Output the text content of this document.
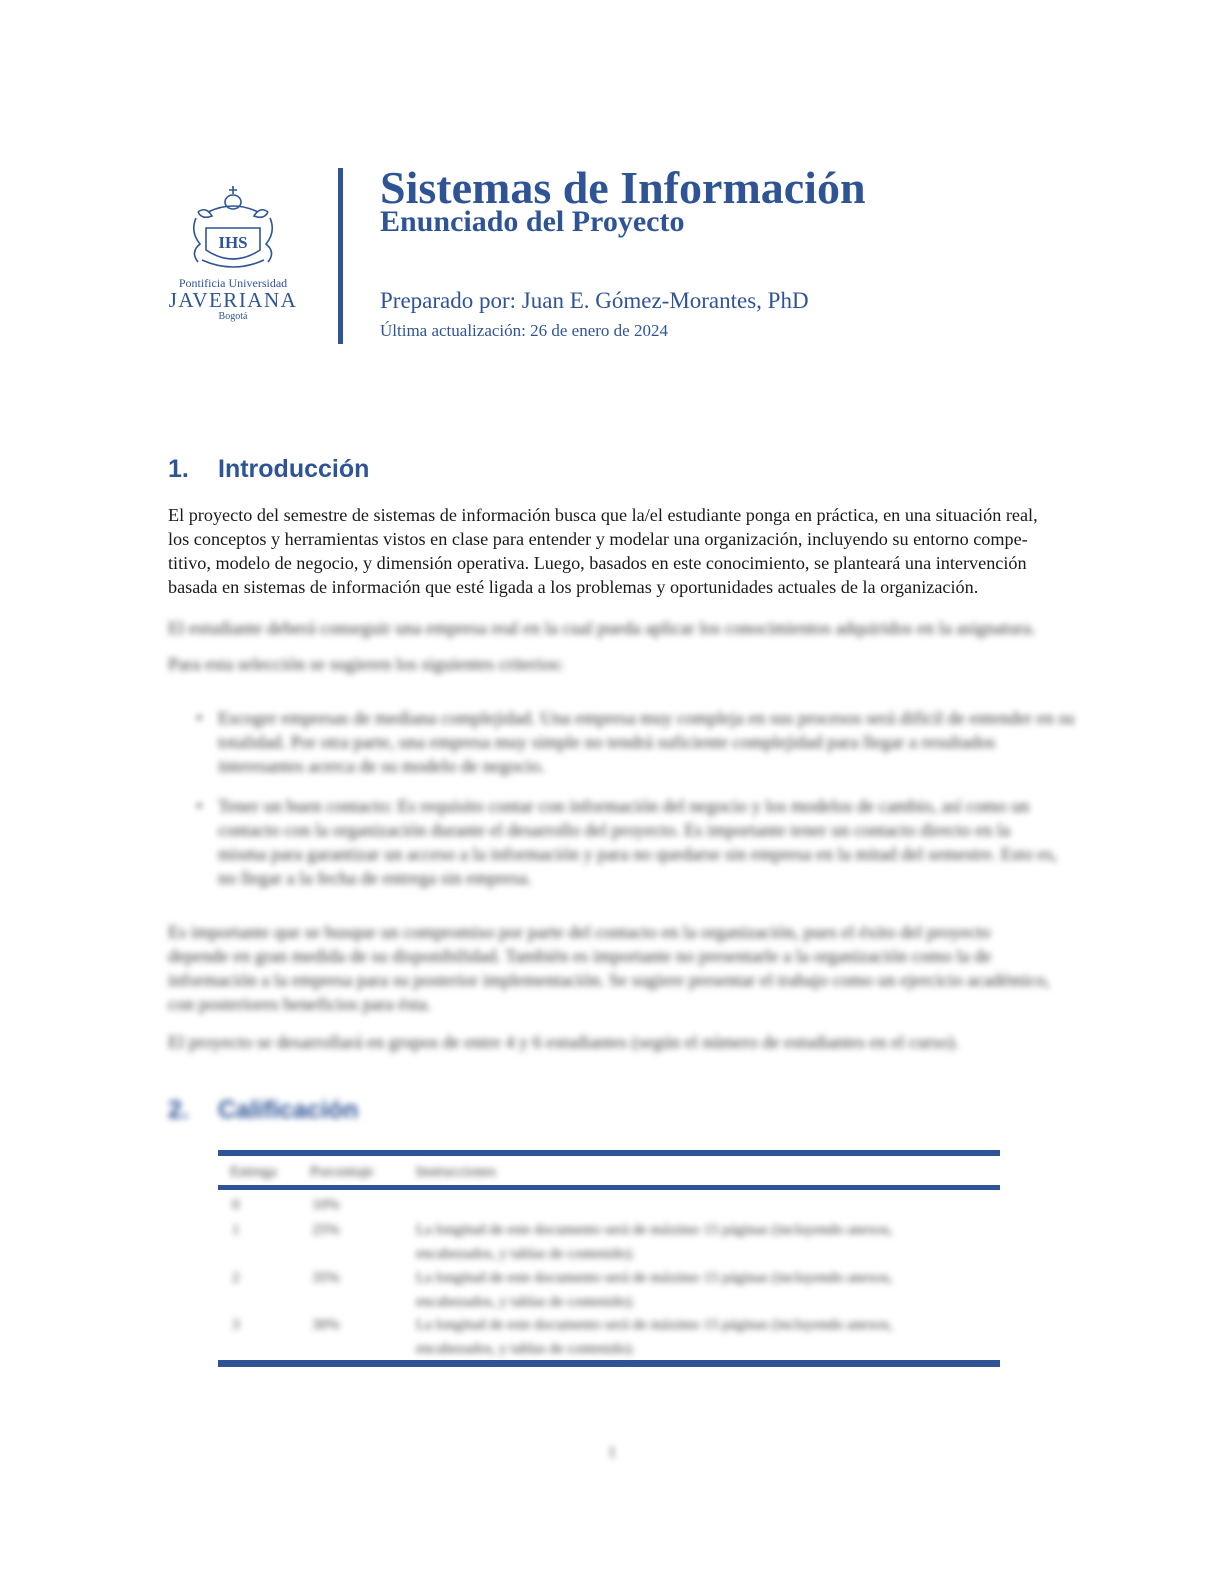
IHS
Pontificia Universidad
JAVERIANA
Bogotá
Sistemas de Información
Enunciado del Proyecto
Preparado por: Juan E. Gómez-Morantes, PhD
Última actualización: 26 de enero de 2024
1. Introducción
El proyecto del semestre de sistemas de información busca que la/el estudiante ponga en práctica, en una situación real,
los conceptos y herramientas vistos en clase para entender y modelar una organización, incluyendo su entorno compe-
titivo, modelo de negocio, y dimensión operativa. Luego, basados en este conocimiento, se planteará una intervención
basada en sistemas de información que esté ligada a los problemas y oportunidades actuales de la organización.
El estudiante deberá conseguir una empresa real en la cual pueda aplicar los conocimientos adquiridos en la asignatura.
Para esta selección se sugieren los siguientes criterios:
• Escoger empresas de mediana complejidad. Una empresa muy compleja en sus procesos será difícil de entender en su
totalidad. Por otra parte, una empresa muy simple no tendrá suficiente complejidad para llegar a resultados
interesantes acerca de su modelo de negocio.
• Tener un buen contacto: Es requisito contar con información del negocio y los modelos de cambio, así como un
contacto con la organización durante el desarrollo del proyecto. Es importante tener un contacto directo en la
misma para garantizar un acceso a la información y para no quedarse sin empresa en la mitad del semestre. Esto es,
no llegar a la fecha de entrega sin empresa.
Es importante que se busque un compromiso por parte del contacto en la organización, pues el éxito del proyecto
depende en gran medida de su disponibilidad. También es importante no presentarle a la organización como la de
información a la empresa para su posterior implementación. Se sugiere presentar el trabajo como un ejercicio académico,
con posteriores beneficios para ésta.
El proyecto se desarrollará en grupos de entre 4 y 6 estudiantes (según el número de estudiantes en el curso).
2. Calificación
Entrega Porcentaje	Instrucciones
0	10%
1	25%	La longitud de este documento será de máximo 15 páginas (incluyendo anexos,
encabezados, y tablas de contenido).
2	35%	La longitud de este documento será de máximo 15 páginas (incluyendo anexos,
encabezados, y tablas de contenido).
3	30%	La longitud de este documento será de máximo 15 páginas (incluyendo anexos,
encabezados, y tablas de contenido).
1
